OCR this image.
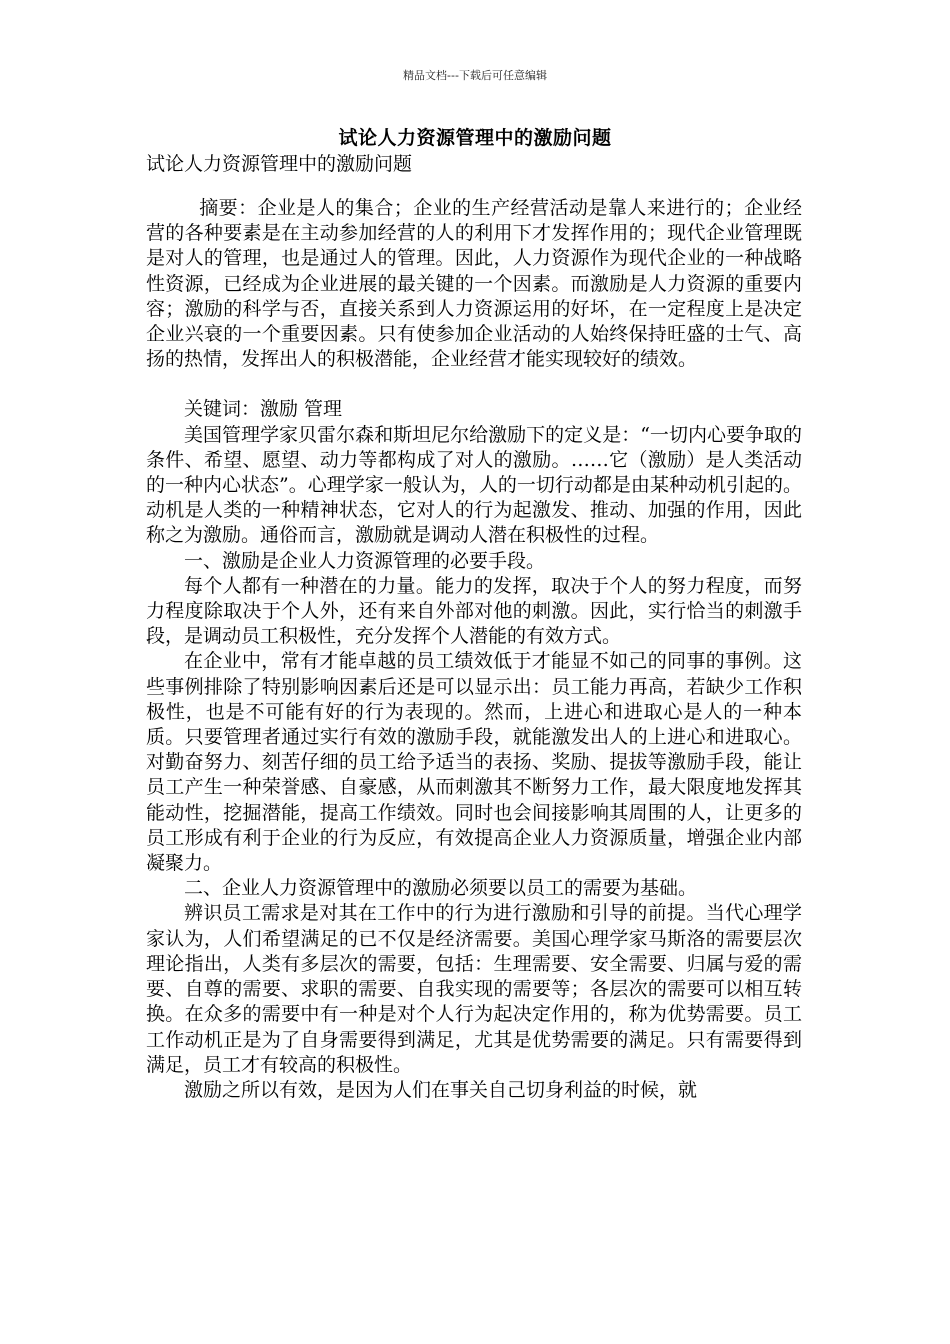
精品文档---下载后可任意编辑
试论人力资源管理中的激励问题
试论人力资源管理中的激励问题

摘要：企业是人的集合；企业的生产经营活动是靠人来进行的；企业经营的各种要素是在主动参加经营的人的利用下才发挥作用的；现代企业管理既是对人的管理，也是通过人的管理。因此，人力资源作为现代企业的一种战略性资源，已经成为企业进展的最关键的一个因素。而激励是人力资源的重要内容；激励的科学与否，直接关系到人力资源运用的好坏，在一定程度上是决定企业兴衰的一个重要因素。只有使参加企业活动的人始终保持旺盛的士气、高扬的热情，发挥出人的积极潜能，企业经营才能实现较好的绩效。

关键词：激励 管理

美国管理学家贝雷尔森和斯坦尼尔给激励下的定义是：“一切内心要争取的条件、希望、愿望、动力等都构成了对人的激励。……它（激励）是人类活动的一种内心状态”。心理学家一般认为，人的一切行动都是由某种动机引起的。动机是人类的一种精神状态，它对人的行为起激发、推动、加强的作用，因此称之为激励。通俗而言，激励就是调动人潜在积极性的过程。

一、激励是企业人力资源管理的必要手段。

每个人都有一种潜在的力量。能力的发挥，取决于个人的努力程度，而努力程度除取决于个人外，还有来自外部对他的刺激。因此，实行恰当的刺激手段，是调动员工积极性，充分发挥个人潜能的有效方式。

在企业中，常有才能卓越的员工绩效低于才能显不如己的同事的事例。这些事例排除了特别影响因素后还是可以显示出：员工能力再高，若缺少工作积极性，也是不可能有好的行为表现的。然而，上进心和进取心是人的一种本质。只要管理者通过实行有效的激励手段，就能激发出人的上进心和进取心。对勤奋努力、刻苦仔细的员工给予适当的表扬、奖励、提拔等激励手段，能让员工产生一种荣誉感、自豪感，从而刺激其不断努力工作，最大限度地发挥其能动性，挖掘潜能，提高工作绩效。同时也会间接影响其周围的人，让更多的员工形成有利于企业的行为反应，有效提高企业人力资源质量，增强企业内部凝聚力。

二、企业人力资源管理中的激励必须要以员工的需要为基础。

辨识员工需求是对其在工作中的行为进行激励和引导的前提。当代心理学家认为，人们希望满足的已不仅是经济需要。美国心理学家马斯洛的需要层次理论指出，人类有多层次的需要，包括：生理需要、安全需要、归属与爱的需要、自尊的需要、求职的需要、自我实现的需要等；各层次的需要可以相互转换。在众多的需要中有一种是对个人行为起决定作用的，称为优势需要。员工工作动机正是为了自身需要得到满足，尤其是优势需要的满足。只有需要得到满足，员工才有较高的积极性。

激励之所以有效，是因为人们在事关自己切身利益的时候，就
